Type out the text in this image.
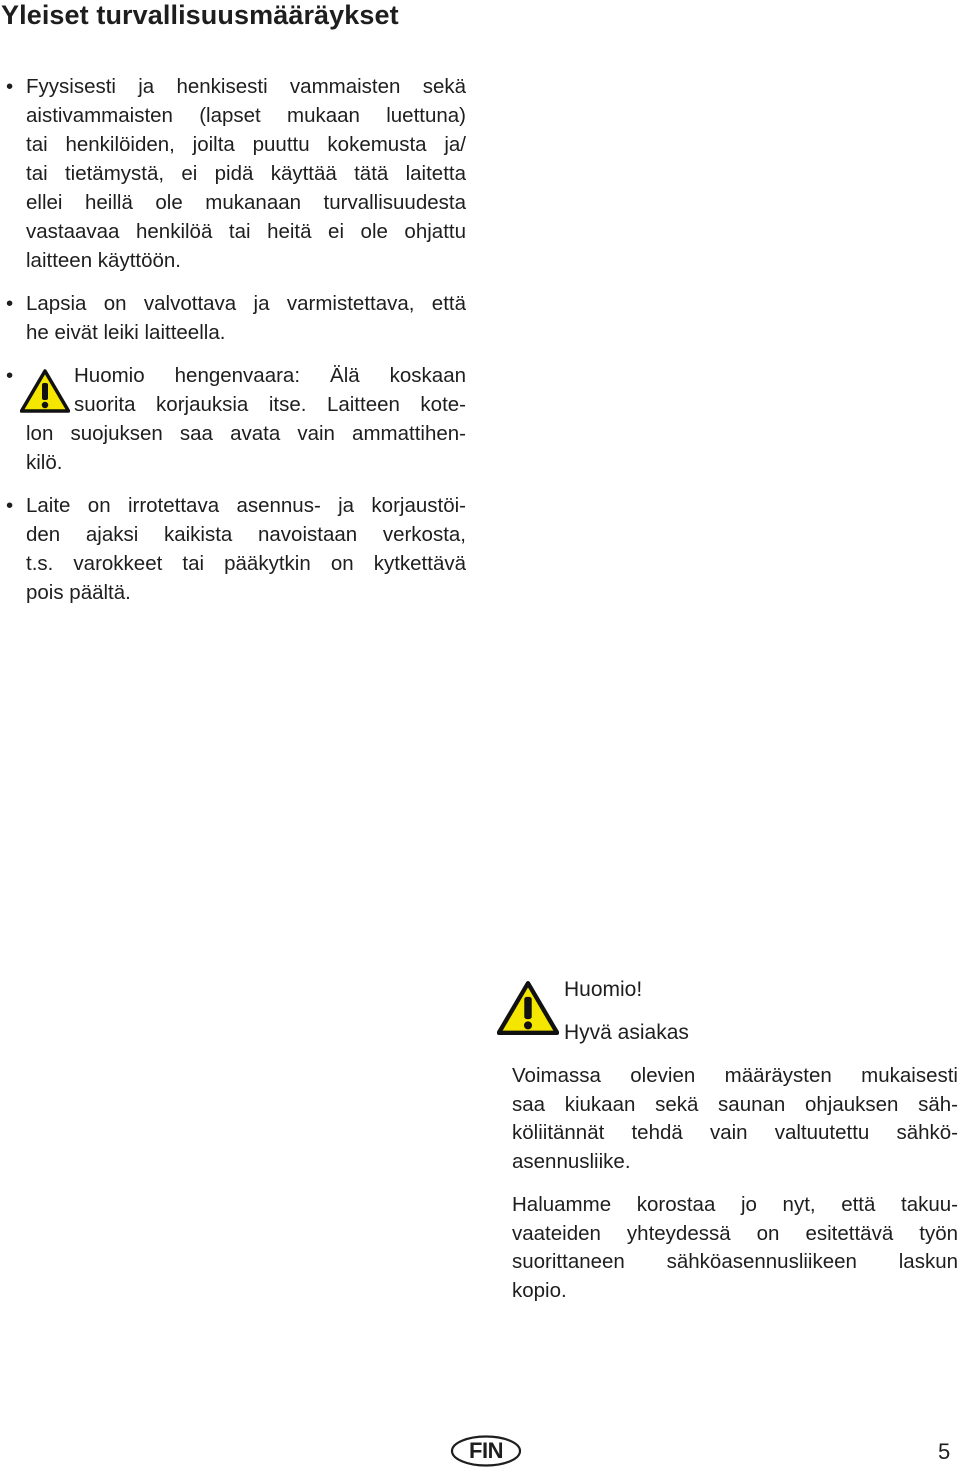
Yleiset turvallisuusmääräykset
• Fyysisesti ja henkisesti vammaisten sekä
aistivammaisten (lapset mukaan luettuna)
tai henkilöiden, joilta puuttu kokemusta ja/
tai tietämystä, ei pidä käyttää tätä laitetta
ellei heillä ole mukanaan turvallisuudesta
vastaavaa henkilöä tai heitä ei ole ohjattu
laitteen käyttöön.
• Lapsia on valvottava ja varmistettava, että
he eivät leiki laitteella.
•	Huomio hengenvaara: Älä koskaan
suorita korjauksia itse. Laitteen kote-
lon suojuksen saa avata vain ammattihen-
kilö.
• Laite on irrotettava asennus- ja korjaustöi-
den ajaksi kaikista navoistaan verkosta,
t.s. varokkeet tai pääkytkin on kytkettävä
pois päältä.
Huomio!
Hyvä asiakas
Voimassa olevien määräysten mukaisesti
saa kiukaan sekä saunan ohjauksen säh-
köliitännät tehdä vain valtuutettu sähkö-
asennusliike.
Haluamme korostaa jo nyt, että takuu-
vaateiden yhteydessä on esitettävä työn
suorittaneen sähköasennusliikeen laskun
kopio.
FIN	5
